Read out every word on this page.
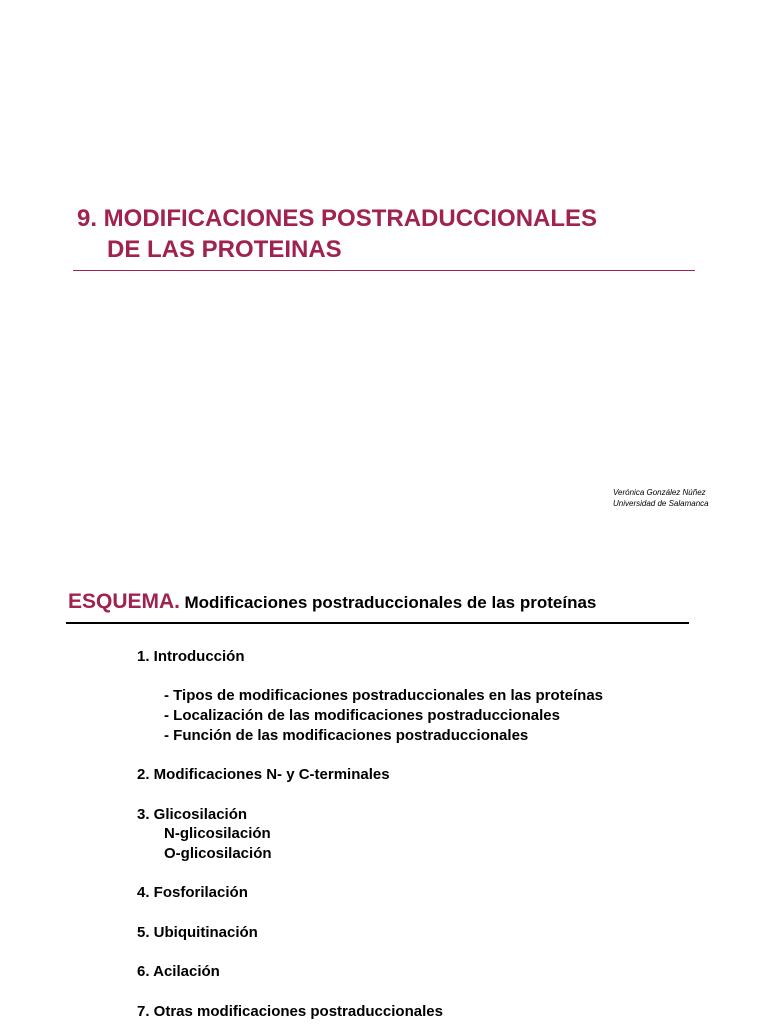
9. MODIFICACIONES POSTRADUCCIONALES
DE LAS PROTEINAS
Verónica González Núñez
Universidad de Salamanca
ESQUEMA. Modificaciones postraduccionales de las proteínas
1. Introducción
- Tipos de modificaciones postraduccionales en las proteínas
- Localización de las modificaciones postraduccionales
- Función de las modificaciones postraduccionales
2. Modificaciones N- y C-terminales
3. Glicosilación
N-glicosilación
O-glicosilación
4. Fosforilación
5. Ubiquitinación
6. Acilación
7. Otras modificaciones postraduccionales
